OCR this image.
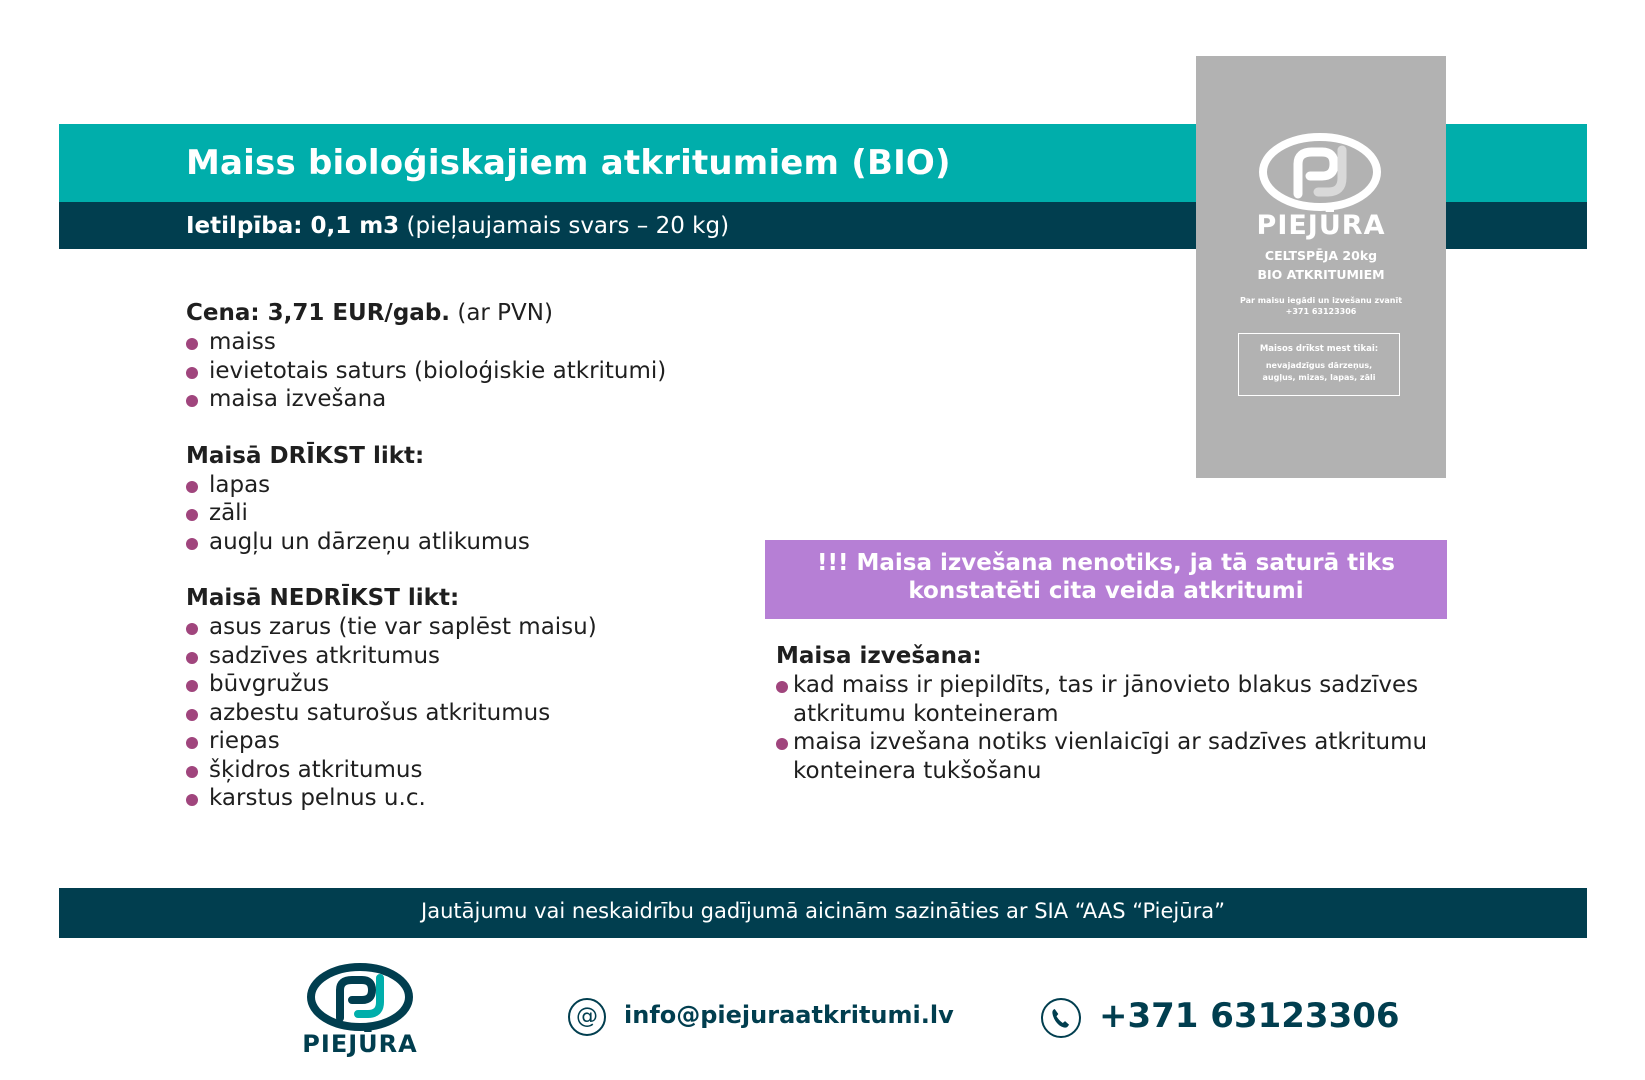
Maiss bioloģiskajiem atkritumiem (BIO)
Ietilpība: 0,1 m3 (pieļaujamais svars – 20 kg)	PIEJŪRA
CELTSPĒJA 20kg
BIO ATKRITUMIEM
Par maisu iegādi un izvešanu zvanīt
+371 63123306
Maisos drīkst mest tikai:
nevajadzīgus dārzeņus,
augļus, mizas, lapas, zāli
Cena: 3,71 EUR/gab. (ar PVN)
maiss
ievietotais saturs (bioloģiskie atkritumi)
maisa izvešana
Maisā DRĪKST likt:
lapas
zāli
augļu un dārzeņu atlikumus
Maisā NEDRĪKST likt:
asus zarus (tie var saplēst maisu)
sadzīves atkritumus
būvgružus
azbestu saturošus atkritumus
riepas
šķidros atkritumus
karstus pelnus u.c.
!!! Maisa izvešana nenotiks, ja tā saturā tiks
konstatēti cita veida atkritumi
Maisa izvešana:
kad maiss ir piepildīts, tas ir jānovieto blakus sadzīves atkritumu konteineram
maisa izvešana notiks vienlaicīgi ar sadzīves atkritumu konteinera tukšošanu
Jautājumu vai neskaidrību gadījumā aicinām sazināties ar SIA “AAS “Piejūra”
PIEJŪRA
@	info@piejuraatkritumi.lv	+371 63123306
